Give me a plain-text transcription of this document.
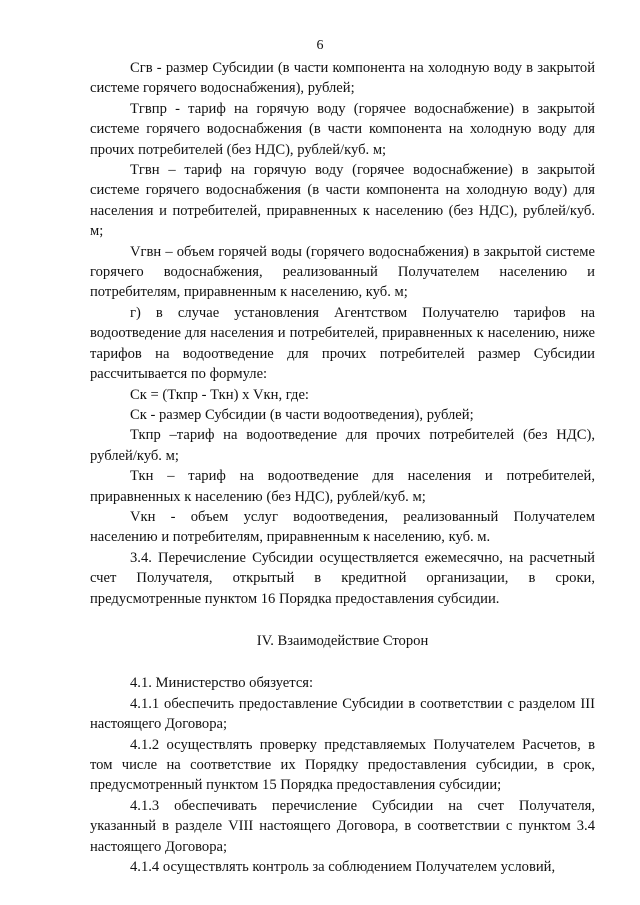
6

Сгв - размер Субсидии (в части компонента на холодную воду в закрытой системе горячего водоснабжения), рублей;

Тгвпр - тариф на горячую воду (горячее водоснабжение) в закрытой системе горячего водоснабжения (в части компонента на холодную воду для прочих потребителей (без НДС), рублей/куб. м;

Тгвн – тариф на горячую воду (горячее водоснабжение) в закрытой системе горячего водоснабжения (в части компонента на холодную воду) для населения и потребителей, приравненных к населению (без НДС), рублей/куб. м;

Vгвн – объем горячей воды (горячего водоснабжения) в закрытой системе горячего водоснабжения, реализованный Получателем населению и потребителям, приравненным к населению, куб. м;

г) в случае установления Агентством Получателю тарифов на водоотведение для населения и потребителей, приравненных к населению, ниже тарифов на водоотведение для прочих потребителей размер Субсидии рассчитывается по формуле:

Ск = (Ткпр - Ткн) х Vкн, где:

Ск - размер Субсидии (в части водоотведения), рублей;

Ткпр –тариф на водоотведение для прочих потребителей (без НДС), рублей/куб. м;

Ткн – тариф на водоотведение для населения и потребителей, приравненных к населению (без НДС), рублей/куб. м;

Vкн - объем услуг водоотведения, реализованный Получателем населению и потребителям, приравненным к населению, куб. м.

3.4. Перечисление Субсидии осуществляется ежемесячно, на расчетный счет Получателя, открытый в кредитной организации, в сроки, предусмотренные пунктом 16 Порядка предоставления субсидии.

IV. Взаимодействие Сторон

4.1. Министерство обязуется:

4.1.1 обеспечить предоставление Субсидии в соответствии с разделом III настоящего Договора;

4.1.2 осуществлять проверку представляемых Получателем Расчетов, в том числе на соответствие их Порядку предоставления субсидии, в срок, предусмотренный пунктом 15 Порядка предоставления субсидии;

4.1.3 обеспечивать перечисление Субсидии на счет Получателя, указанный в разделе VIII настоящего Договора, в соответствии с пунктом 3.4 настоящего Договора;

4.1.4 осуществлять контроль за соблюдением Получателем условий,
